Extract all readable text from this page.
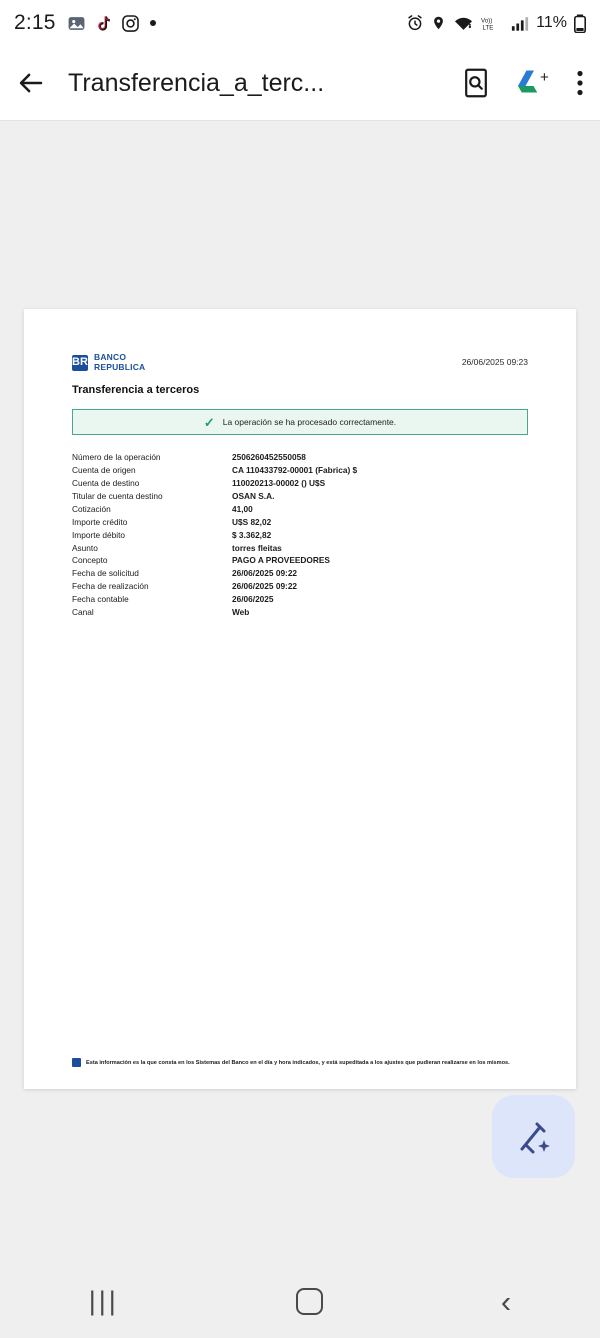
2:15	Vo))
LTE	11%
Transferencia_a_terc...	+
BR BANCO
REPUBLICA	26/06/2025 09:23
Transferencia a terceros
✓ La operación se ha procesado correctamente.
Número de la operación	2506260452550058
Cuenta de origen	CA 110433792-00001 (Fabrica) $
Cuenta de destino	110020213-00002 () U$S
Titular de cuenta destino	OSAN S.A.
Cotización	41,00
Importe crédito	U$S 82,02
Importe débito	$ 3.362,82
Asunto	torres fleitas
Concepto	PAGO A PROVEEDORES
Fecha de solicitud	26/06/2025 09:22
Fecha de realización	26/06/2025 09:22
Fecha contable	26/06/2025
Canal	Web
Esta información es la que consta en los Sistemas del Banco en el día y hora indicados, y está supeditada a los ajustes que pudieran realizarse en los mismos.
|||	‹
